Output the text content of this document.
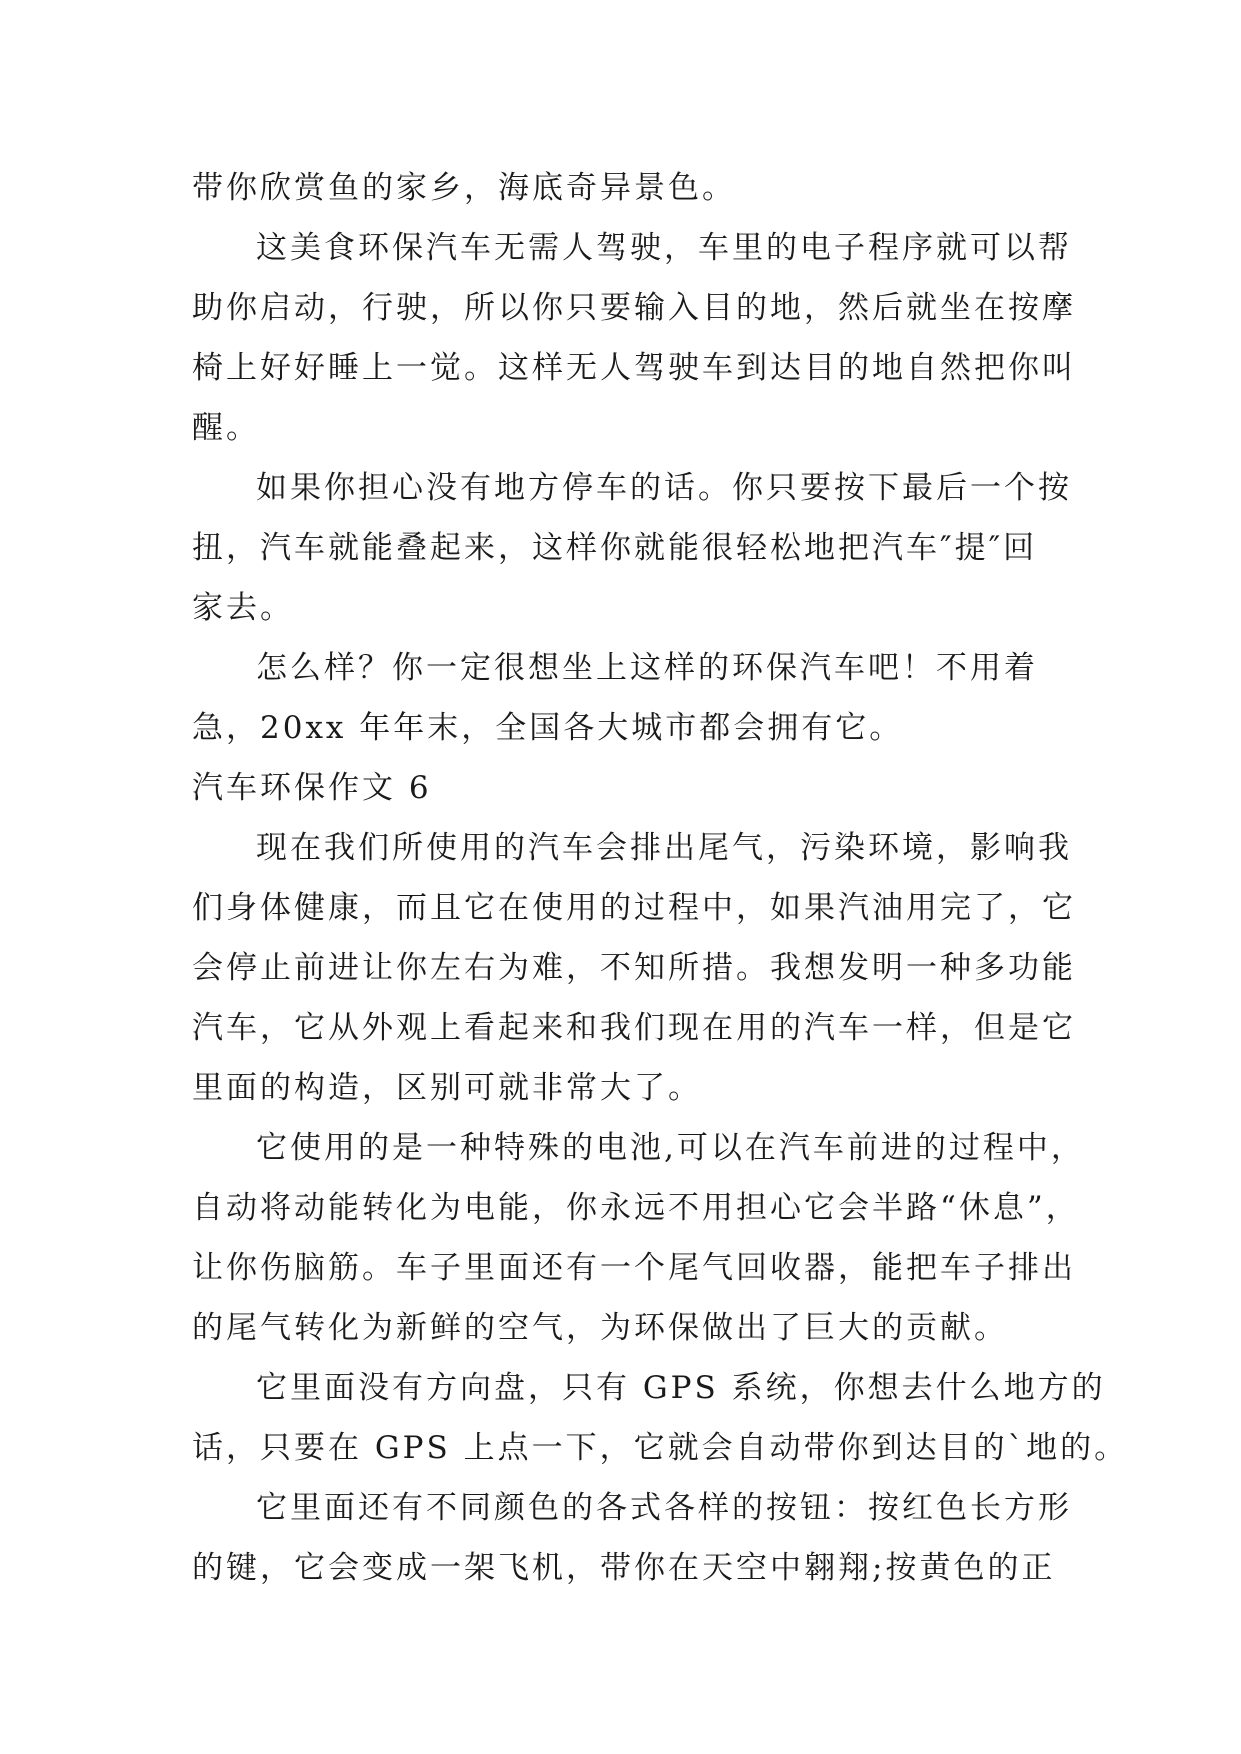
带你欣赏鱼的家乡，海底奇异景色。
这美食环保汽车无需人驾驶，车里的电子程序就可以帮
助你启动，行驶，所以你只要输入目的地，然后就坐在按摩
椅上好好睡上一觉。这样无人驾驶车到达目的地自然把你叫
醒。
如果你担心没有地方停车的话。你只要按下最后一个按
扭，汽车就能叠起来，这样你就能很轻松地把汽车″提″回
家去。
怎么样？你一定很想坐上这样的环保汽车吧！不用着
急，20xx 年年末，全国各大城市都会拥有它。
汽车环保作文 6
现在我们所使用的汽车会排出尾气，污染环境，影响我
们身体健康，而且它在使用的过程中，如果汽油用完了，它
会停止前进让你左右为难，不知所措。我想发明一种多功能
汽车，它从外观上看起来和我们现在用的汽车一样，但是它
里面的构造，区别可就非常大了。
它使用的是一种特殊的电池,可以在汽车前进的过程中，
自动将动能转化为电能，你永远不用担心它会半路“休息”，
让你伤脑筋。车子里面还有一个尾气回收器，能把车子排出
的尾气转化为新鲜的空气，为环保做出了巨大的贡献。
它里面没有方向盘，只有 GPS 系统，你想去什么地方的
话，只要在 GPS 上点一下，它就会自动带你到达目的`地的。
它里面还有不同颜色的各式各样的按钮：按红色长方形
的键，它会变成一架飞机，带你在天空中翱翔;按黄色的正
